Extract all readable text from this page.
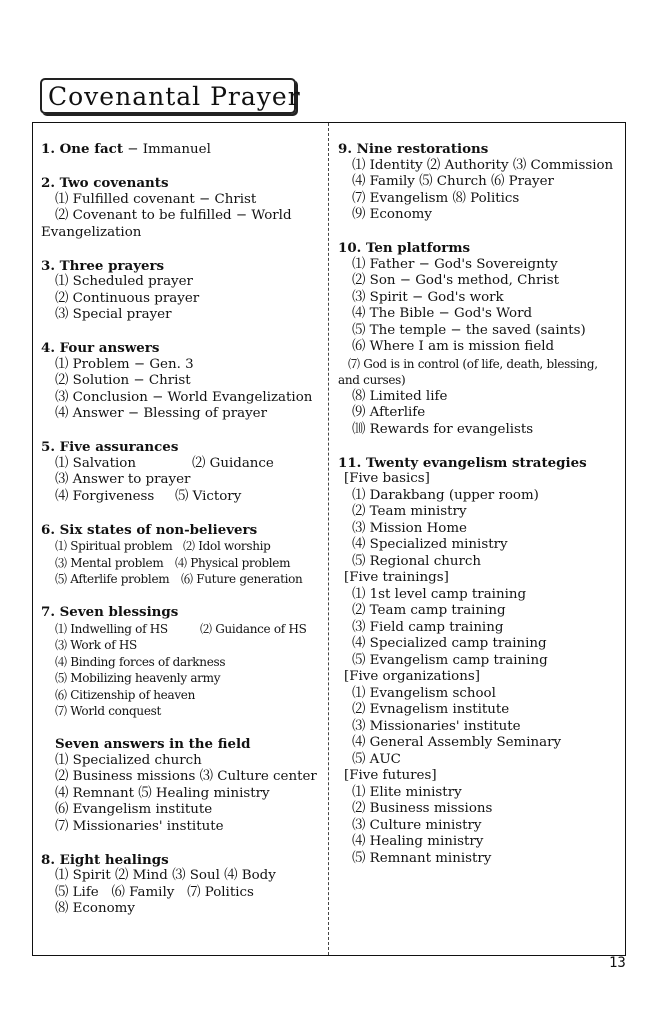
Covenantal Prayer
1. One fact − Immanuel
2. Two covenants
⑴ Fulfilled covenant − Christ
⑵ Covenant to be fulfilled − World Evangelization
3. Three prayers
⑴ Scheduled prayer
⑵ Continuous prayer
⑶ Special prayer
4. Four answers
⑴ Problem − Gen. 3
⑵ Solution − Christ
⑶ Conclusion − World Evangelization
⑷ Answer − Blessing of prayer
5. Five assurances
⑴ Salvation	⑵ Guidance
⑶ Answer to prayer
⑷ Forgiveness ⑸ Victory
6. Six states of non-believers
⑴ Spiritual problem ⑵ Idol worship
⑶ Mental problem ⑷ Physical problem
⑸ Afterlife problem ⑹ Future generation
7. Seven blessings
⑴ Indwelling of HS	⑵ Guidance of HS
⑶ Work of HS
⑷ Binding forces of darkness
⑸ Mobilizing heavenly army
⑹ Citizenship of heaven
⑺ World conquest
Seven answers in the field
⑴ Specialized church
⑵ Business missions ⑶ Culture center
⑷ Remnant ⑸ Healing ministry
⑹ Evangelism institute
⑺ Missionaries' institute
8. Eight healings
⑴ Spirit ⑵ Mind ⑶ Soul ⑷ Body
⑸ Life   ⑹ Family   ⑺ Politics
⑻ Economy
9. Nine restorations
⑴ Identity ⑵ Authority ⑶ Commission
⑷ Family ⑸ Church ⑹ Prayer
⑺ Evangelism ⑻ Politics
⑼ Economy
10. Ten platforms
⑴ Father − God's Sovereignty
⑵ Son − God's method, Christ
⑶ Spirit − God's work
⑷ The Bible − God's Word
⑸ The temple − the saved (saints)
⑹ Where I am is mission field
⑺ God is in control (of life, death, blessing, and curses)
⑻ Limited life
⑼ Afterlife
⑽ Rewards for evangelists
11. Twenty evangelism strategies
[Five basics]
⑴ Darakbang (upper room)
⑵ Team ministry
⑶ Mission Home
⑷ Specialized ministry
⑸ Regional church
[Five trainings]
⑴ 1st level camp training
⑵ Team camp training
⑶ Field camp training
⑷ Specialized camp training
⑸ Evangelism camp training
[Five organizations]
⑴ Evangelism school
⑵ Evnagelism institute
⑶ Missionaries' institute
⑷ General Assembly Seminary
⑸ AUC
[Five futures]
⑴ Elite ministry
⑵ Business missions
⑶ Culture ministry
⑷ Healing ministry
⑸ Remnant ministry
13
